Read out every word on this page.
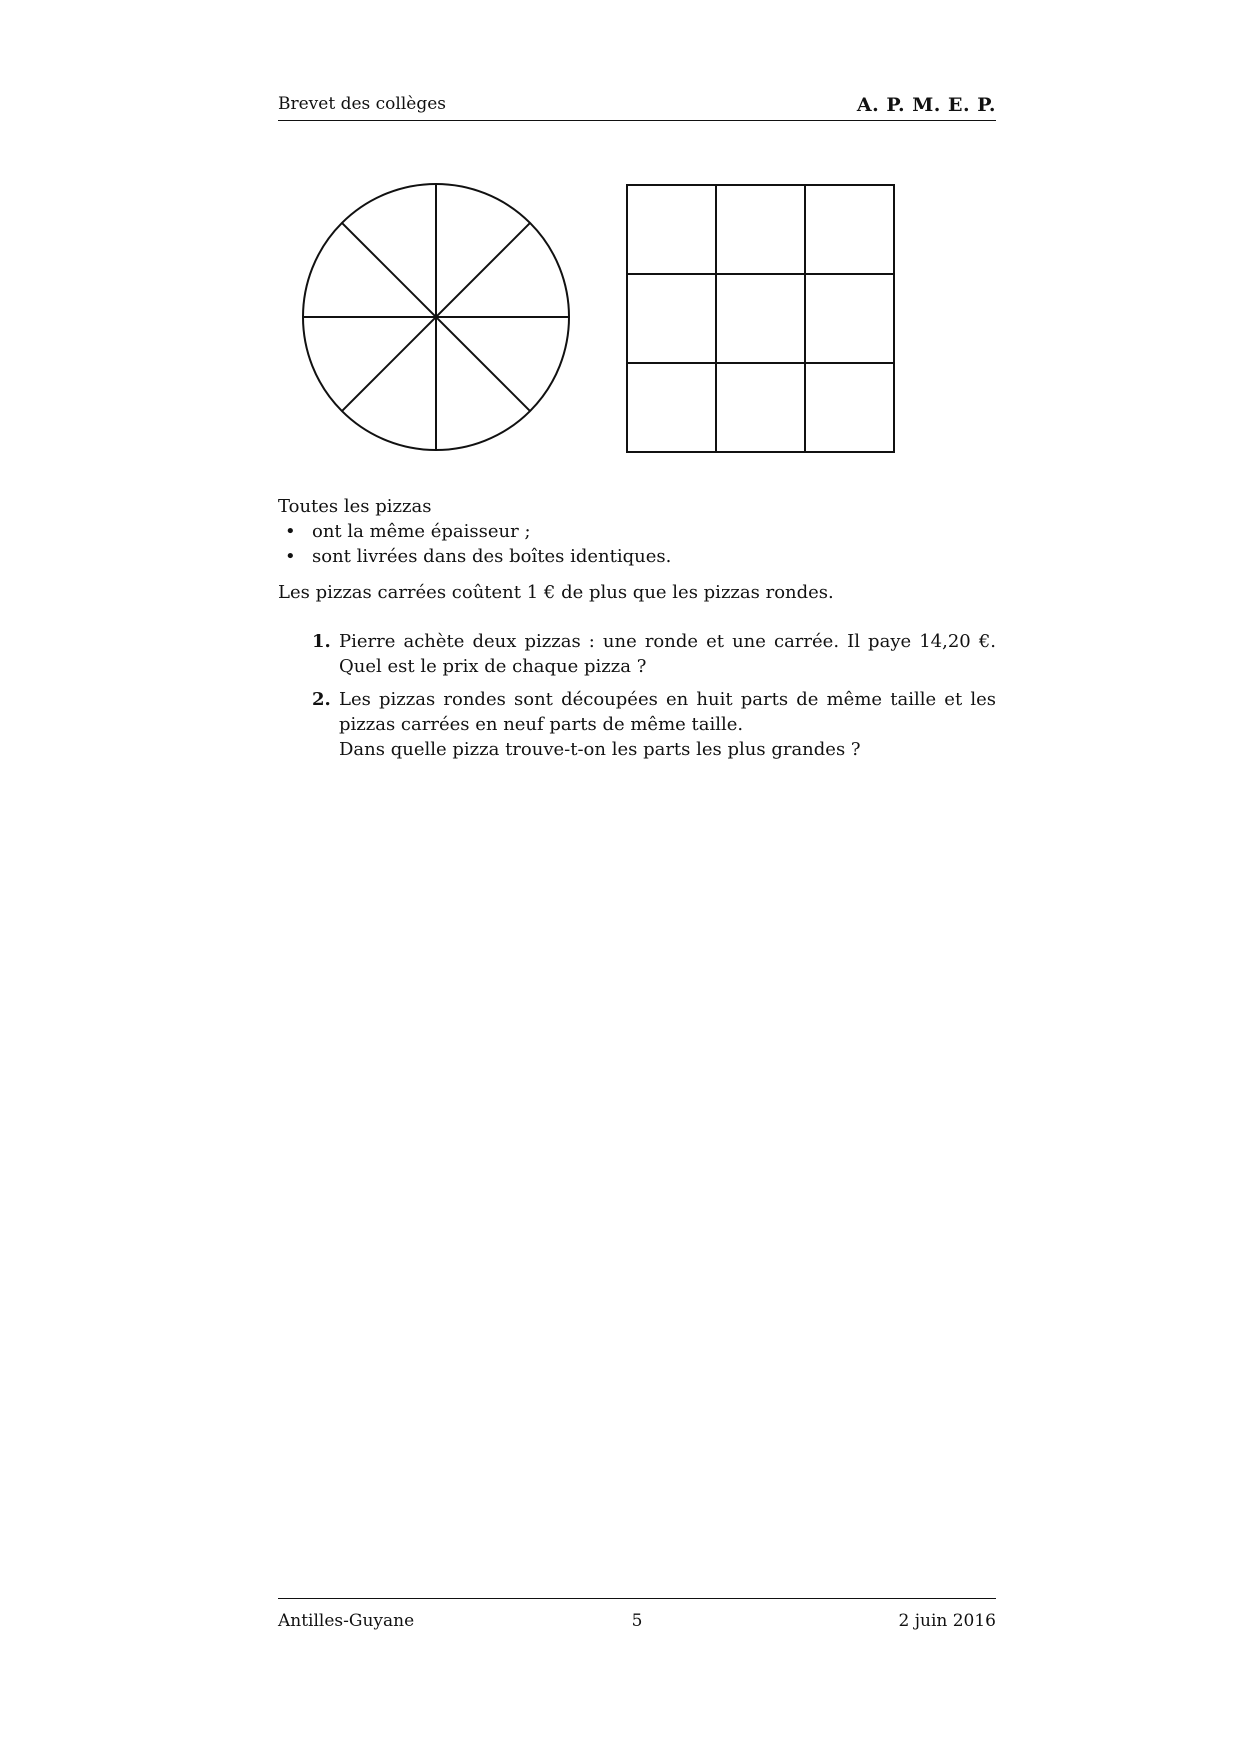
Brevet des collèges	A. P. M. E. P.

Toutes les pizzas

• ont la même épaisseur ;
• sont livrées dans des boîtes identiques.

Les pizzas carrées coûtent 1 € de plus que les pizzas rondes.

1. Pierre achète deux pizzas : une ronde et une carrée. Il paye 14,20 €. Quel est le prix de chaque pizza ?
2. Les pizzas rondes sont découpées en huit parts de même taille et les pizzas carrées en neuf parts de même taille.
Dans quelle pizza trouve-t-on les parts les plus grandes ?
Antilles-Guyane	5	2 juin 2016
